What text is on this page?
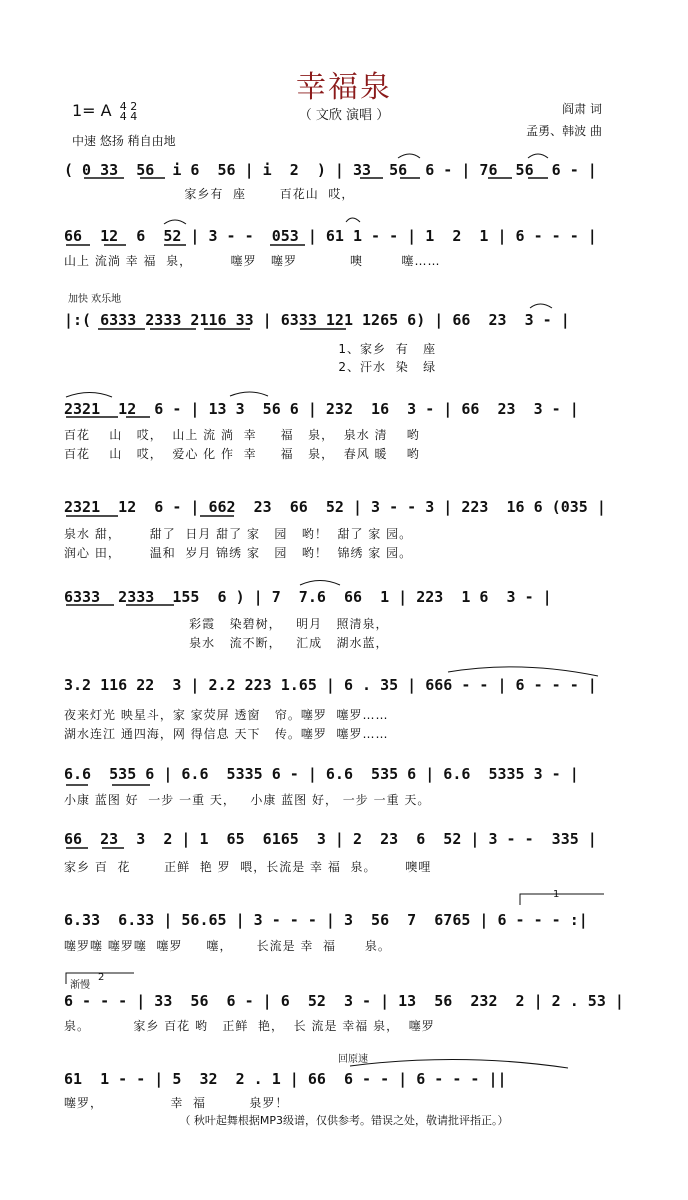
幸福泉
（ 文欣 演唱 ）
1= A 4 2
4 4
中速 悠扬 稍自由地
阎肃 词
孟勇、韩波 曲
加快 欢乐地
渐慢
1
2
回原速
( 0 33  56  i 6  56 | i  2  ) | 33  56  6 - | 76  56  6 - |
家乡有  座       百花山  哎，
66  12  6  52 | 3 - -  053 | 61 1 - - | 1  2  1 | 6 - - - |
山上 流淌 幸 福  泉，        噻罗   噻罗           噢        噻……
|:( 6333 2333 2116 33 | 6333 121 1265 6) | 66  23  3 - |
1、家乡  有   座
2、汗水  染   绿
2321  12  6 - | 13 3  56 6 | 232  16  3 - | 66  23  3 - |
百花    山   哎，  山上 流 淌  幸     福   泉，  泉水 清    哟
百花    山   哎，  爱心 化 作  幸     福   泉，  春风 暖    哟
2321  12  6 - | 662  23  66  52 | 3 - - 3 | 223  16 6 (035 |
泉水 甜，      甜了  日月 甜了 家   园   哟！  甜了 家 园。
润心 田，      温和  岁月 锦绣 家   园   哟！  锦绣 家 园。
6333  2333  155  6 ) | 7  7.6  66  1 | 223  1 6  3 - |
彩霞   染碧树，   明月   照清泉，
泉水   流不断，   汇成   湖水蓝，
3.2 116 22  3 | 2.2 223 1.65 | 6 . 35 | 666 - - | 6 - - - |
夜来灯光 映星斗，家 家荧屏 透窗   帘。噻罗  噻罗……
湖水连江 通四海，网 得信息 天下   传。噻罗  噻罗……
6.6  535 6 | 6.6  5335 6 - | 6.6  535 6 | 6.6  5335 3 - |
小康 蓝图 好  一步 一重 天，   小康 蓝图 好， 一步 一重 天。
66  23  3  2 | 1  65  6165  3 | 2  23  6  52 | 3 - -  335 |
家乡 百  花       正鲜  艳 罗  喂，长流是 幸 福  泉。      噢哩
6.33  6.33 | 56.65 | 3 - - - | 3  56  7  6765 | 6 - - - :|
噻罗噻 噻罗噻  噻罗     噻，     长流是 幸  福      泉。
6 - - - | 33  56  6 - | 6  52  3 - | 13  56  232  2 | 2 . 53 |
泉。         家乡 百花 哟   正鲜  艳，  长 流是 幸福 泉，  噻罗
61  1 - - | 5  32  2 . 1 | 66  6 - - | 6 - - - ||
噻罗，              幸  福         泉罗！
（ 秋叶起舞根据MP3级谱，仅供参考。错误之处，敬请批评指正。）
